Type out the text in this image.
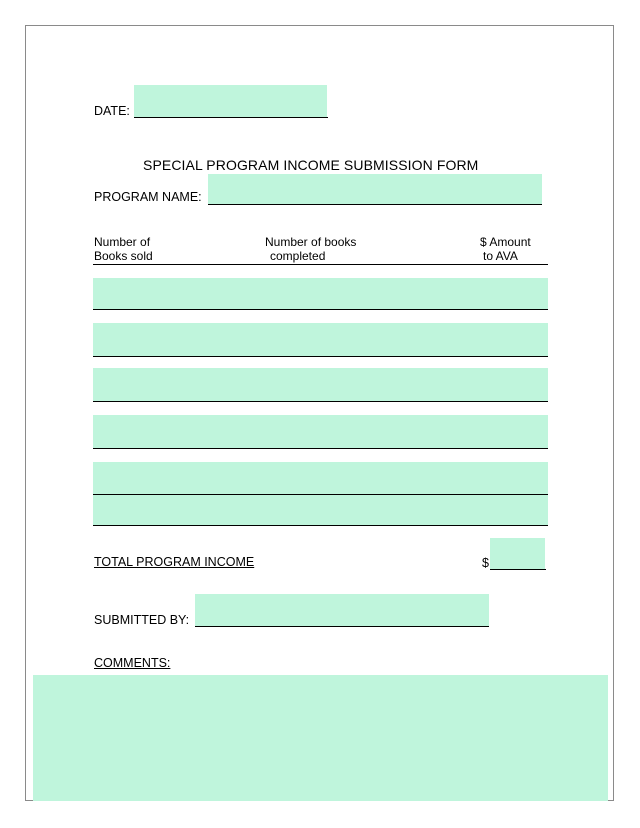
DATE:
SPECIAL PROGRAM INCOME SUBMISSION FORM
PROGRAM NAME:
Number of
Books sold
Number of books
completed
$ Amount
to AVA
TOTAL PROGRAM INCOME	$
SUBMITTED BY:
COMMENTS:
